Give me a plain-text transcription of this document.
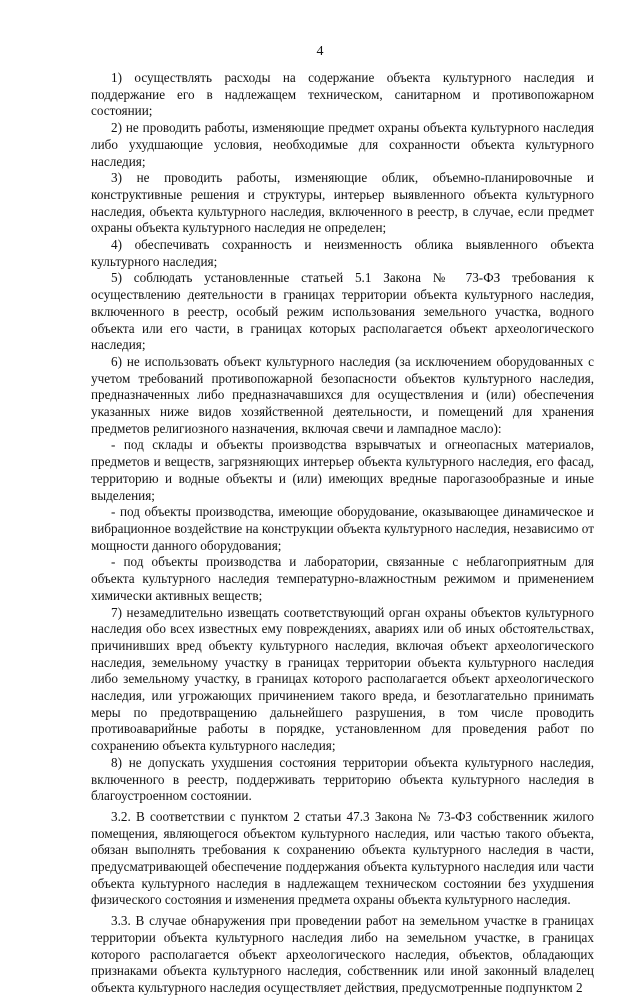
4

1) осуществлять расходы на содержание объекта культурного наследия и поддержание его в надлежащем техническом, санитарном и противопожарном состоянии;

2) не проводить работы, изменяющие предмет охраны объекта культурного наследия либо ухудшающие условия, необходимые для сохранности объекта культурного наследия;

3) не проводить работы, изменяющие облик, объемно-планировочные и конструктивные решения и структуры, интерьер выявленного объекта культурного наследия, объекта культурного наследия, включенного в реестр, в случае, если предмет охраны объекта культурного наследия не определен;

4) обеспечивать сохранность и неизменность облика выявленного объекта культурного наследия;

5) соблюдать установленные статьей 5.1 Закона № 73-ФЗ требования к осуществлению деятельности в границах территории объекта культурного наследия, включенного в реестр, особый режим использования земельного участка, водного объекта или его части, в границах которых располагается объект археологического наследия;

6) не использовать объект культурного наследия (за исключением оборудованных с учетом требований противопожарной безопасности объектов культурного наследия, предназначенных либо предназначавшихся для осуществления и (или) обеспечения указанных ниже видов хозяйственной деятельности, и помещений для хранения предметов религиозного назначения, включая свечи и лампадное масло):

- под склады и объекты производства взрывчатых и огнеопасных материалов, предметов и веществ, загрязняющих интерьер объекта культурного наследия, его фасад, территорию и водные объекты и (или) имеющих вредные парогазообразные и иные выделения;

- под объекты производства, имеющие оборудование, оказывающее динамическое и вибрационное воздействие на конструкции объекта культурного наследия, независимо от мощности данного оборудования;

- под объекты производства и лаборатории, связанные с неблагоприятным для объекта культурного наследия температурно-влажностным режимом и применением химически активных веществ;

7) незамедлительно извещать соответствующий орган охраны объектов культурного наследия обо всех известных ему повреждениях, авариях или об иных обстоятельствах, причинивших вред объекту культурного наследия, включая объект археологического наследия, земельному участку в границах территории объекта культурного наследия либо земельному участку, в границах которого располагается объект археологического наследия, или угрожающих причинением такого вреда, и безотлагательно принимать меры по предотвращению дальнейшего разрушения, в том числе проводить противоаварийные работы в порядке, установленном для проведения работ по сохранению объекта культурного наследия;

8) не допускать ухудшения состояния территории объекта культурного наследия, включенного в реестр, поддерживать территорию объекта культурного наследия в благоустроенном состоянии.

3.2. В соответствии с пунктом 2 статьи 47.3 Закона № 73-ФЗ собственник жилого помещения, являющегося объектом культурного наследия, или частью такого объекта, обязан выполнять требования к сохранению объекта культурного наследия в части, предусматривающей обеспечение поддержания объекта культурного наследия или части объекта культурного наследия в надлежащем техническом состоянии без ухудшения физического состояния и изменения предмета охраны объекта культурного наследия.

3.3. В случае обнаружения при проведении работ на земельном участке в границах территории объекта культурного наследия либо на земельном участке, в границах которого располагается объект археологического наследия, объектов, обладающих признаками объекта культурного наследия, собственник или иной законный владелец объекта культурного наследия осуществляет действия, предусмотренные подпунктом 2
